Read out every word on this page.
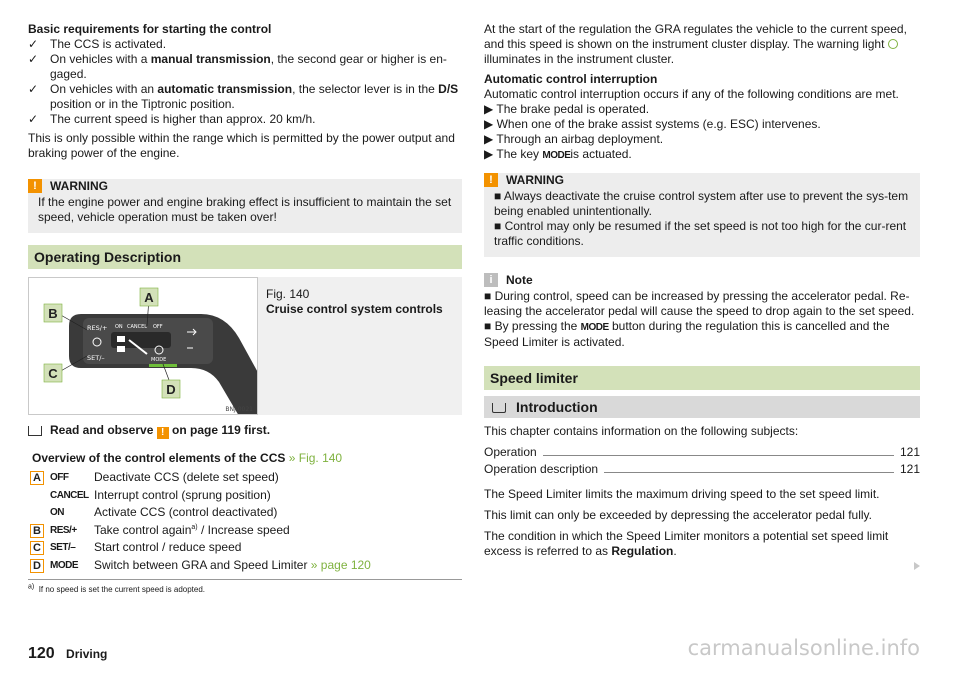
Basic requirements for starting the control
✓ The CCS is activated.
✓ On vehicles with a manual transmission, the second gear or higher is en-gaged.
✓ On vehicles with an automatic transmission, the selector lever is in the D/S position or in the Tiptronic position.
✓ The current speed is higher than approx. 20 km/h.

This is only possible within the range which is permitted by the power output and braking power of the engine.

!	WARNING
If the engine power and engine braking effect is insufficient to maintain the set speed, vehicle operation must be taken over!
Operating Description
RES/+ ON CANCEL OFF
SET/–	MODE
B
A
C
D
BNJ-0021
Fig. 140
Cruise control system controls
Read and observe ! on page 119 first.
Overview of the control elements of the CCS » Fig. 140
A OFF Deactivate CCS (delete set speed)
CANCEL Interrupt control (sprung position)
ON	Activate CCS (control deactivated)
B RES/+ Take control again$^{a)}$ / Increase speed
C SET/– Start control / reduce speed
D MODE Switch between GRA and Speed Limiter » page 120
$^{a)}$ If no speed is set the current speed is adopted.

At the start of the regulation the GRA regulates the vehicle to the current speed, and this speed is shown on the instrument cluster display. The warning light  illuminates in the instrument cluster.

Automatic control interruption

Automatic control interruption occurs if any of the following conditions are met.

▶ The brake pedal is operated.
▶ When one of the brake assist systems (e.g. ESC) intervenes.
▶ Through an airbag deployment.
▶ The key MODEis actuated.
!	WARNING
■ Always deactivate the cruise control system after use to prevent the sys-tem being enabled unintentionally.
■ Control may only be resumed if the set speed is not too high for the cur-rent traffic conditions.
i	Note
■ During control, speed can be increased by pressing the accelerator pedal. Re-leasing the accelerator pedal will cause the speed to drop again to the set speed.
■ By pressing the MODE button during the regulation this is cancelled and the Speed Limiter is activated.
Speed limiter
Introduction

This chapter contains information on the following subjects:

Operation	121
Operation description	121

The Speed Limiter limits the maximum driving speed to the set speed limit.

This limit can only be exceeded by depressing the accelerator pedal fully.

The condition in which the Speed Limiter monitors a potential set speed limit excess is referred to as Regulation.

120 Driving	carmanualsonline.info
